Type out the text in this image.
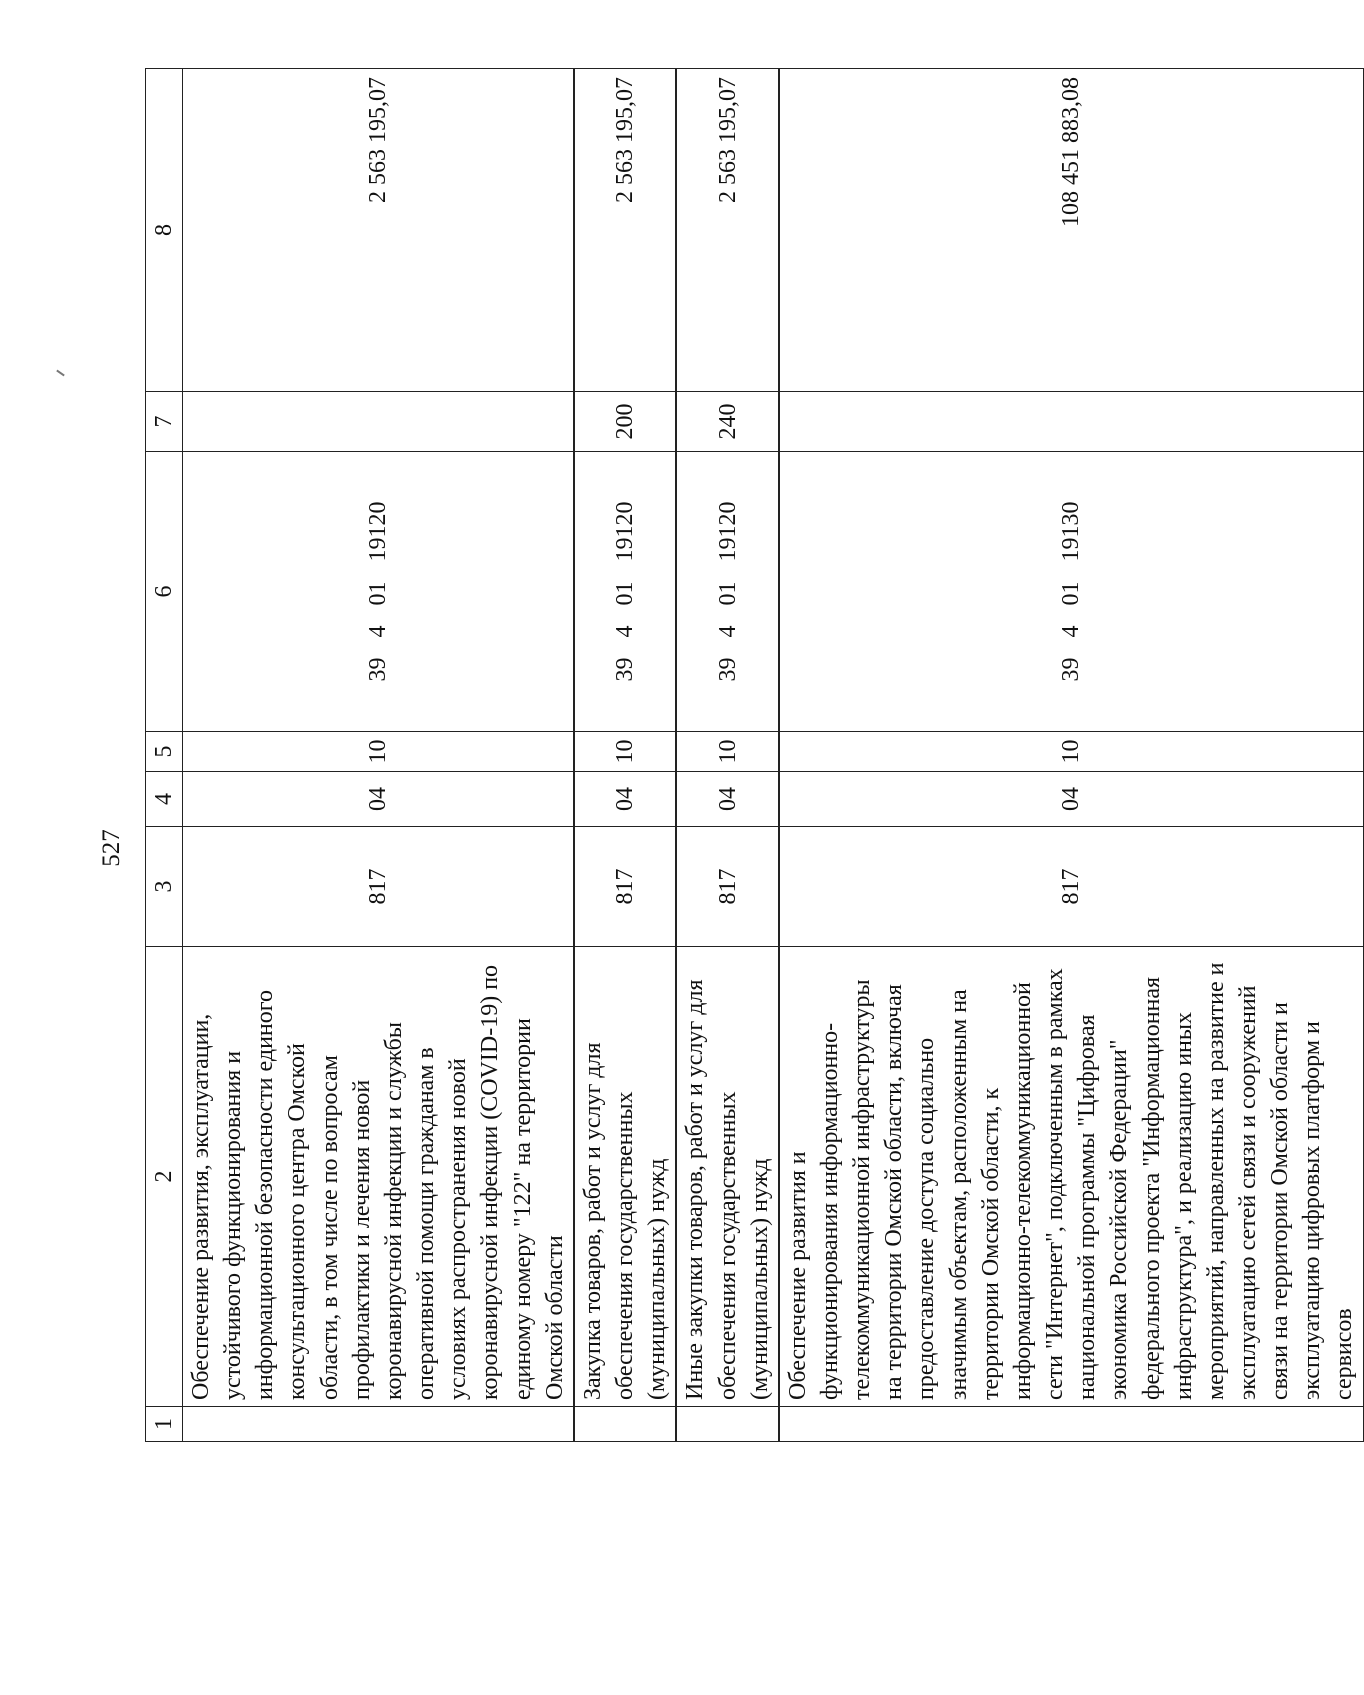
527
1	2	3	4	5	6	7	8
	Обеспечение развития, эксплуатации, устойчивого функционирования и информационной безопасности единого консультационного центра Омской области, в том числе по вопросам профилактики и лечения новой коронавирусной инфекции и службы оперативной помощи гражданам в условиях распространения новой коронавирусной инфекции (COVID-19) по единому номеру "122" на территории Омской области	817	04	10	39 4 01 19120		2 563 195,07
	Закупка товаров, работ и услуг для обеспечения государственных (муниципальных) нужд	817	04	10	39 4 01 19120	200	2 563 195,07
	Иные закупки товаров, работ и услуг для обеспечения государственных (муниципальных) нужд	817	04	10	39 4 01 19120	240	2 563 195,07
	Обеспечение развития и функционирования информационно-телекоммуникационной инфраструктуры на территории Омской области, включая предоставление доступа социально значимым объектам, расположенным на территории Омской области, к информационно-телекоммуникационной сети "Интернет", подключенным в рамках национальной программы "Цифровая экономика Российской Федерации" федерального проекта "Информационная инфраструктура", и реализацию иных мероприятий, направленных на развитие и эксплуатацию сетей связи и сооружений связи на территории Омской области и эксплуатацию цифровых платформ и сервисов	817	04	10	39 4 01 19130		108 451 883,08
